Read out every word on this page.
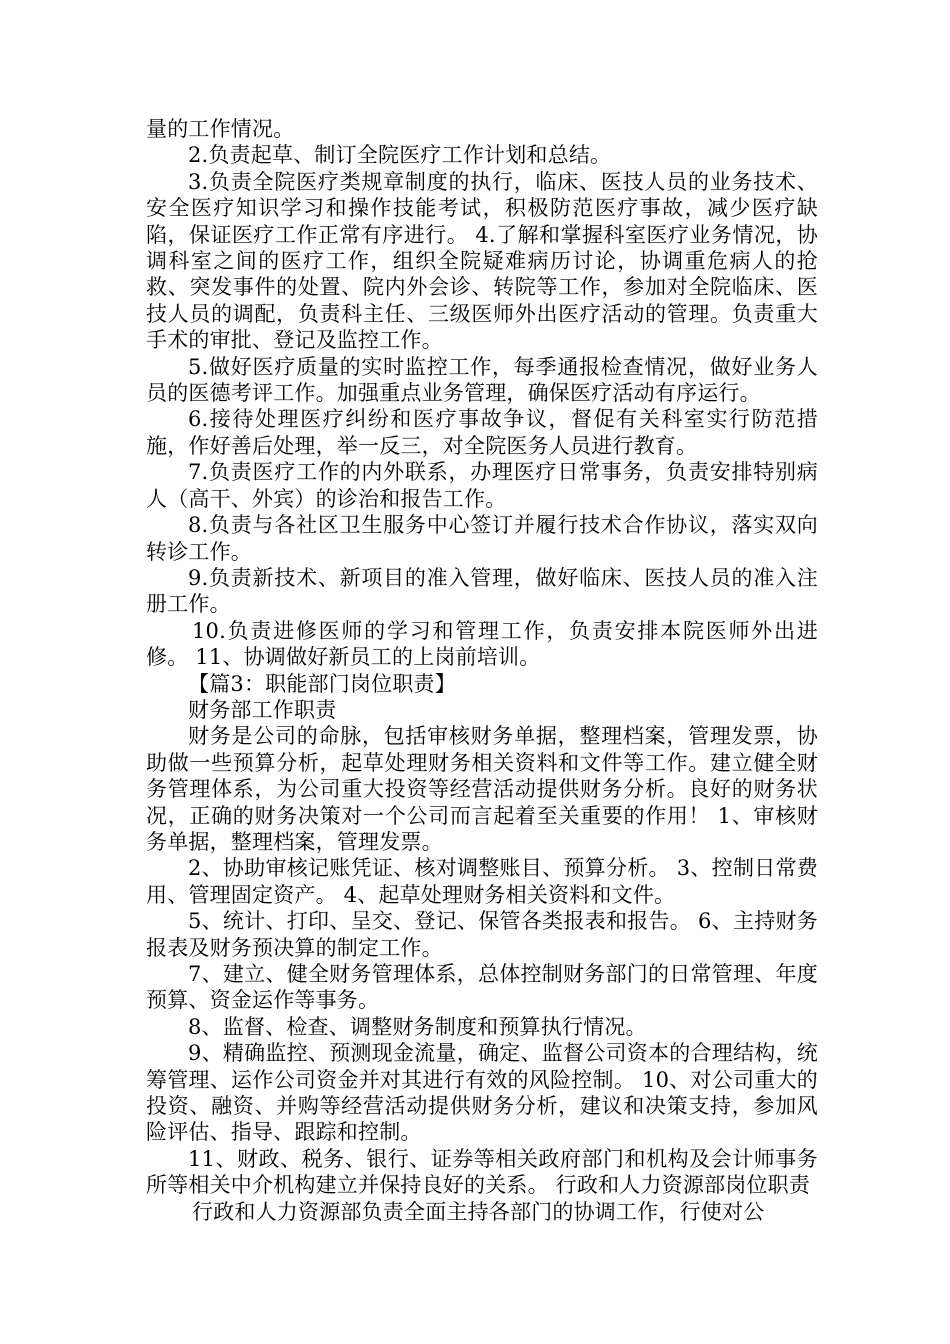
量的工作情况。

2.负责起草、制订全院医疗工作计划和总结。

3.负责全院医疗类规章制度的执行，临床、医技人员的业务技术、安全医疗知识学习和操作技能考试，积极防范医疗事故，减少医疗缺陷，保证医疗工作正常有序进行。 4.了解和掌握科室医疗业务情况，协调科室之间的医疗工作，组织全院疑难病历讨论，协调重危病人的抢救、突发事件的处置、院内外会诊、转院等工作，参加对全院临床、医技人员的调配，负责科主任、三级医师外出医疗活动的管理。负责重大手术的审批、登记及监控工作。

5.做好医疗质量的实时监控工作，每季通报检查情况，做好业务人员的医德考评工作。加强重点业务管理，确保医疗活动有序运行。

6.接待处理医疗纠纷和医疗事故争议，督促有关科室实行防范措施，作好善后处理，举一反三，对全院医务人员进行教育。

7.负责医疗工作的内外联系，办理医疗日常事务，负责安排特别病人（高干、外宾）的诊治和报告工作。

8.负责与各社区卫生服务中心签订并履行技术合作协议，落实双向转诊工作。

9.负责新技术、新项目的准入管理，做好临床、医技人员的准入注册工作。

10.负责进修医师的学习和管理工作，负责安排本院医师外出进修。 11、协调做好新员工的上岗前培训。

【篇3：职能部门岗位职责】

财务部工作职责

财务是公司的命脉，包括审核财务单据，整理档案，管理发票，协助做一些预算分析，起草处理财务相关资料和文件等工作。建立健全财务管理体系，为公司重大投资等经营活动提供财务分析。良好的财务状况，正确的财务决策对一个公司而言起着至关重要的作用！ 1、审核财务单据，整理档案，管理发票。

2、协助审核记账凭证、核对调整账目、预算分析。 3、控制日常费用、管理固定资产。 4、起草处理财务相关资料和文件。

5、统计、打印、呈交、登记、保管各类报表和报告。 6、主持财务报表及财务预决算的制定工作。

7、建立、健全财务管理体系，总体控制财务部门的日常管理、年度预算、资金运作等事务。

8、监督、检查、调整财务制度和预算执行情况。

9、精确监控、预测现金流量，确定、监督公司资本的合理结构，统筹管理、运作公司资金并对其进行有效的风险控制。 10、对公司重大的投资、融资、并购等经营活动提供财务分析，建议和决策支持，参加风险评估、指导、跟踪和控制。

11、财政、税务、银行、证券等相关政府部门和机构及会计师事务所等相关中介机构建立并保持良好的关系。 行政和人力资源部岗位职责

行政和人力资源部负责全面主持各部门的协调工作，行使对公
